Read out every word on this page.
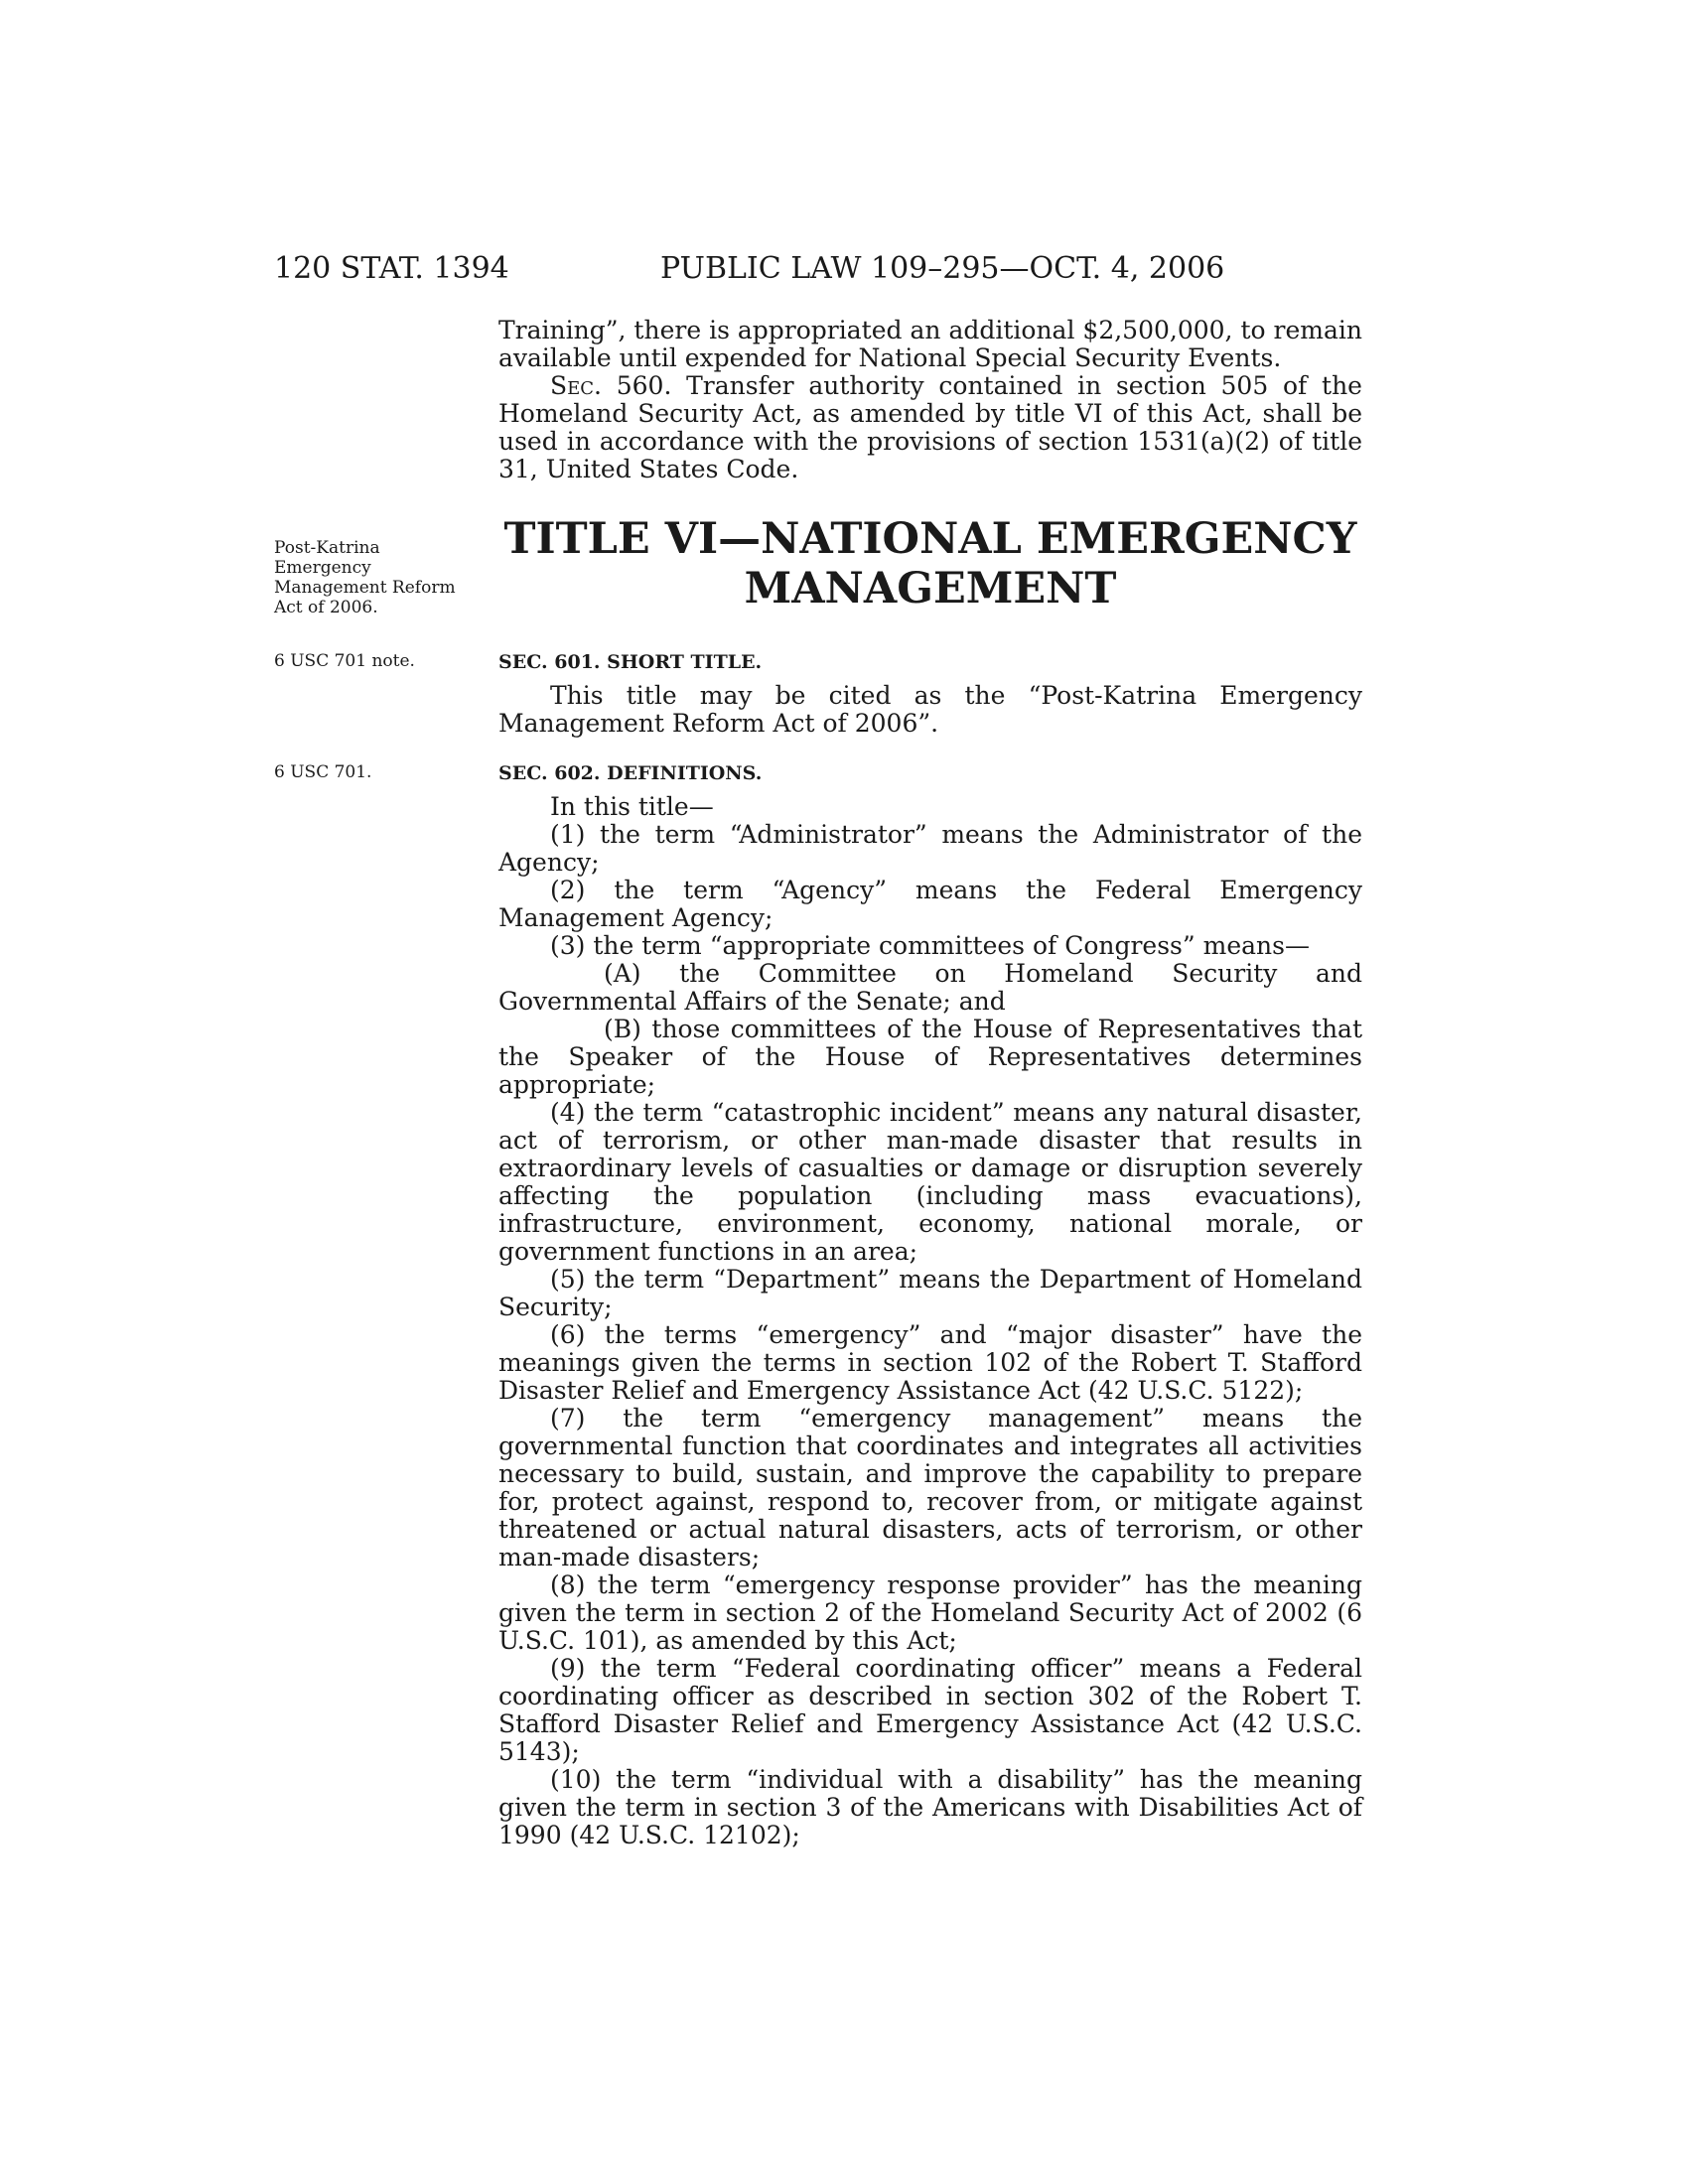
120 STAT. 1394	PUBLIC LAW 109–295—OCT. 4, 2006

Training”, there is appropriated an additional $2,500,000, to remain available until expended for National Special Security Events.

Sec. 560. Transfer authority contained in section 505 of the Homeland Security Act, as amended by title VI of this Act, shall be used in accordance with the provisions of section 1531(a)(2) of title 31, United States Code.

TITLE VI—NATIONAL EMERGENCY
MANAGEMENT
Post-Katrina Emergency Management Reform Act of 2006.
6 USC 701 note.
6 USC 701.
SEC. 601. SHORT TITLE.

This title may be cited as the “Post-Katrina Emergency Management Reform Act of 2006”.

SEC. 602. DEFINITIONS.

In this title—

(1) the term “Administrator” means the Administrator of the Agency;

(2) the term “Agency” means the Federal Emergency Management Agency;

(3) the term “appropriate committees of Congress” means—

(A) the Committee on Homeland Security and Governmental Affairs of the Senate; and

(B) those committees of the House of Representatives that the Speaker of the House of Representatives determines appropriate;

(4) the term “catastrophic incident” means any natural disaster, act of terrorism, or other man-made disaster that results in extraordinary levels of casualties or damage or disruption severely affecting the population (including mass evacuations), infrastructure, environment, economy, national morale, or government functions in an area;

(5) the term “Department” means the Department of Homeland Security;

(6) the terms “emergency” and “major disaster” have the meanings given the terms in section 102 of the Robert T. Stafford Disaster Relief and Emergency Assistance Act (42 U.S.C. 5122);

(7) the term “emergency management” means the governmental function that coordinates and integrates all activities necessary to build, sustain, and improve the capability to prepare for, protect against, respond to, recover from, or mitigate against threatened or actual natural disasters, acts of terrorism, or other man-made disasters;

(8) the term “emergency response provider” has the meaning given the term in section 2 of the Homeland Security Act of 2002 (6 U.S.C. 101), as amended by this Act;

(9) the term “Federal coordinating officer” means a Federal coordinating officer as described in section 302 of the Robert T. Stafford Disaster Relief and Emergency Assistance Act (42 U.S.C. 5143);

(10) the term “individual with a disability” has the meaning given the term in section 3 of the Americans with Disabilities Act of 1990 (42 U.S.C. 12102);
